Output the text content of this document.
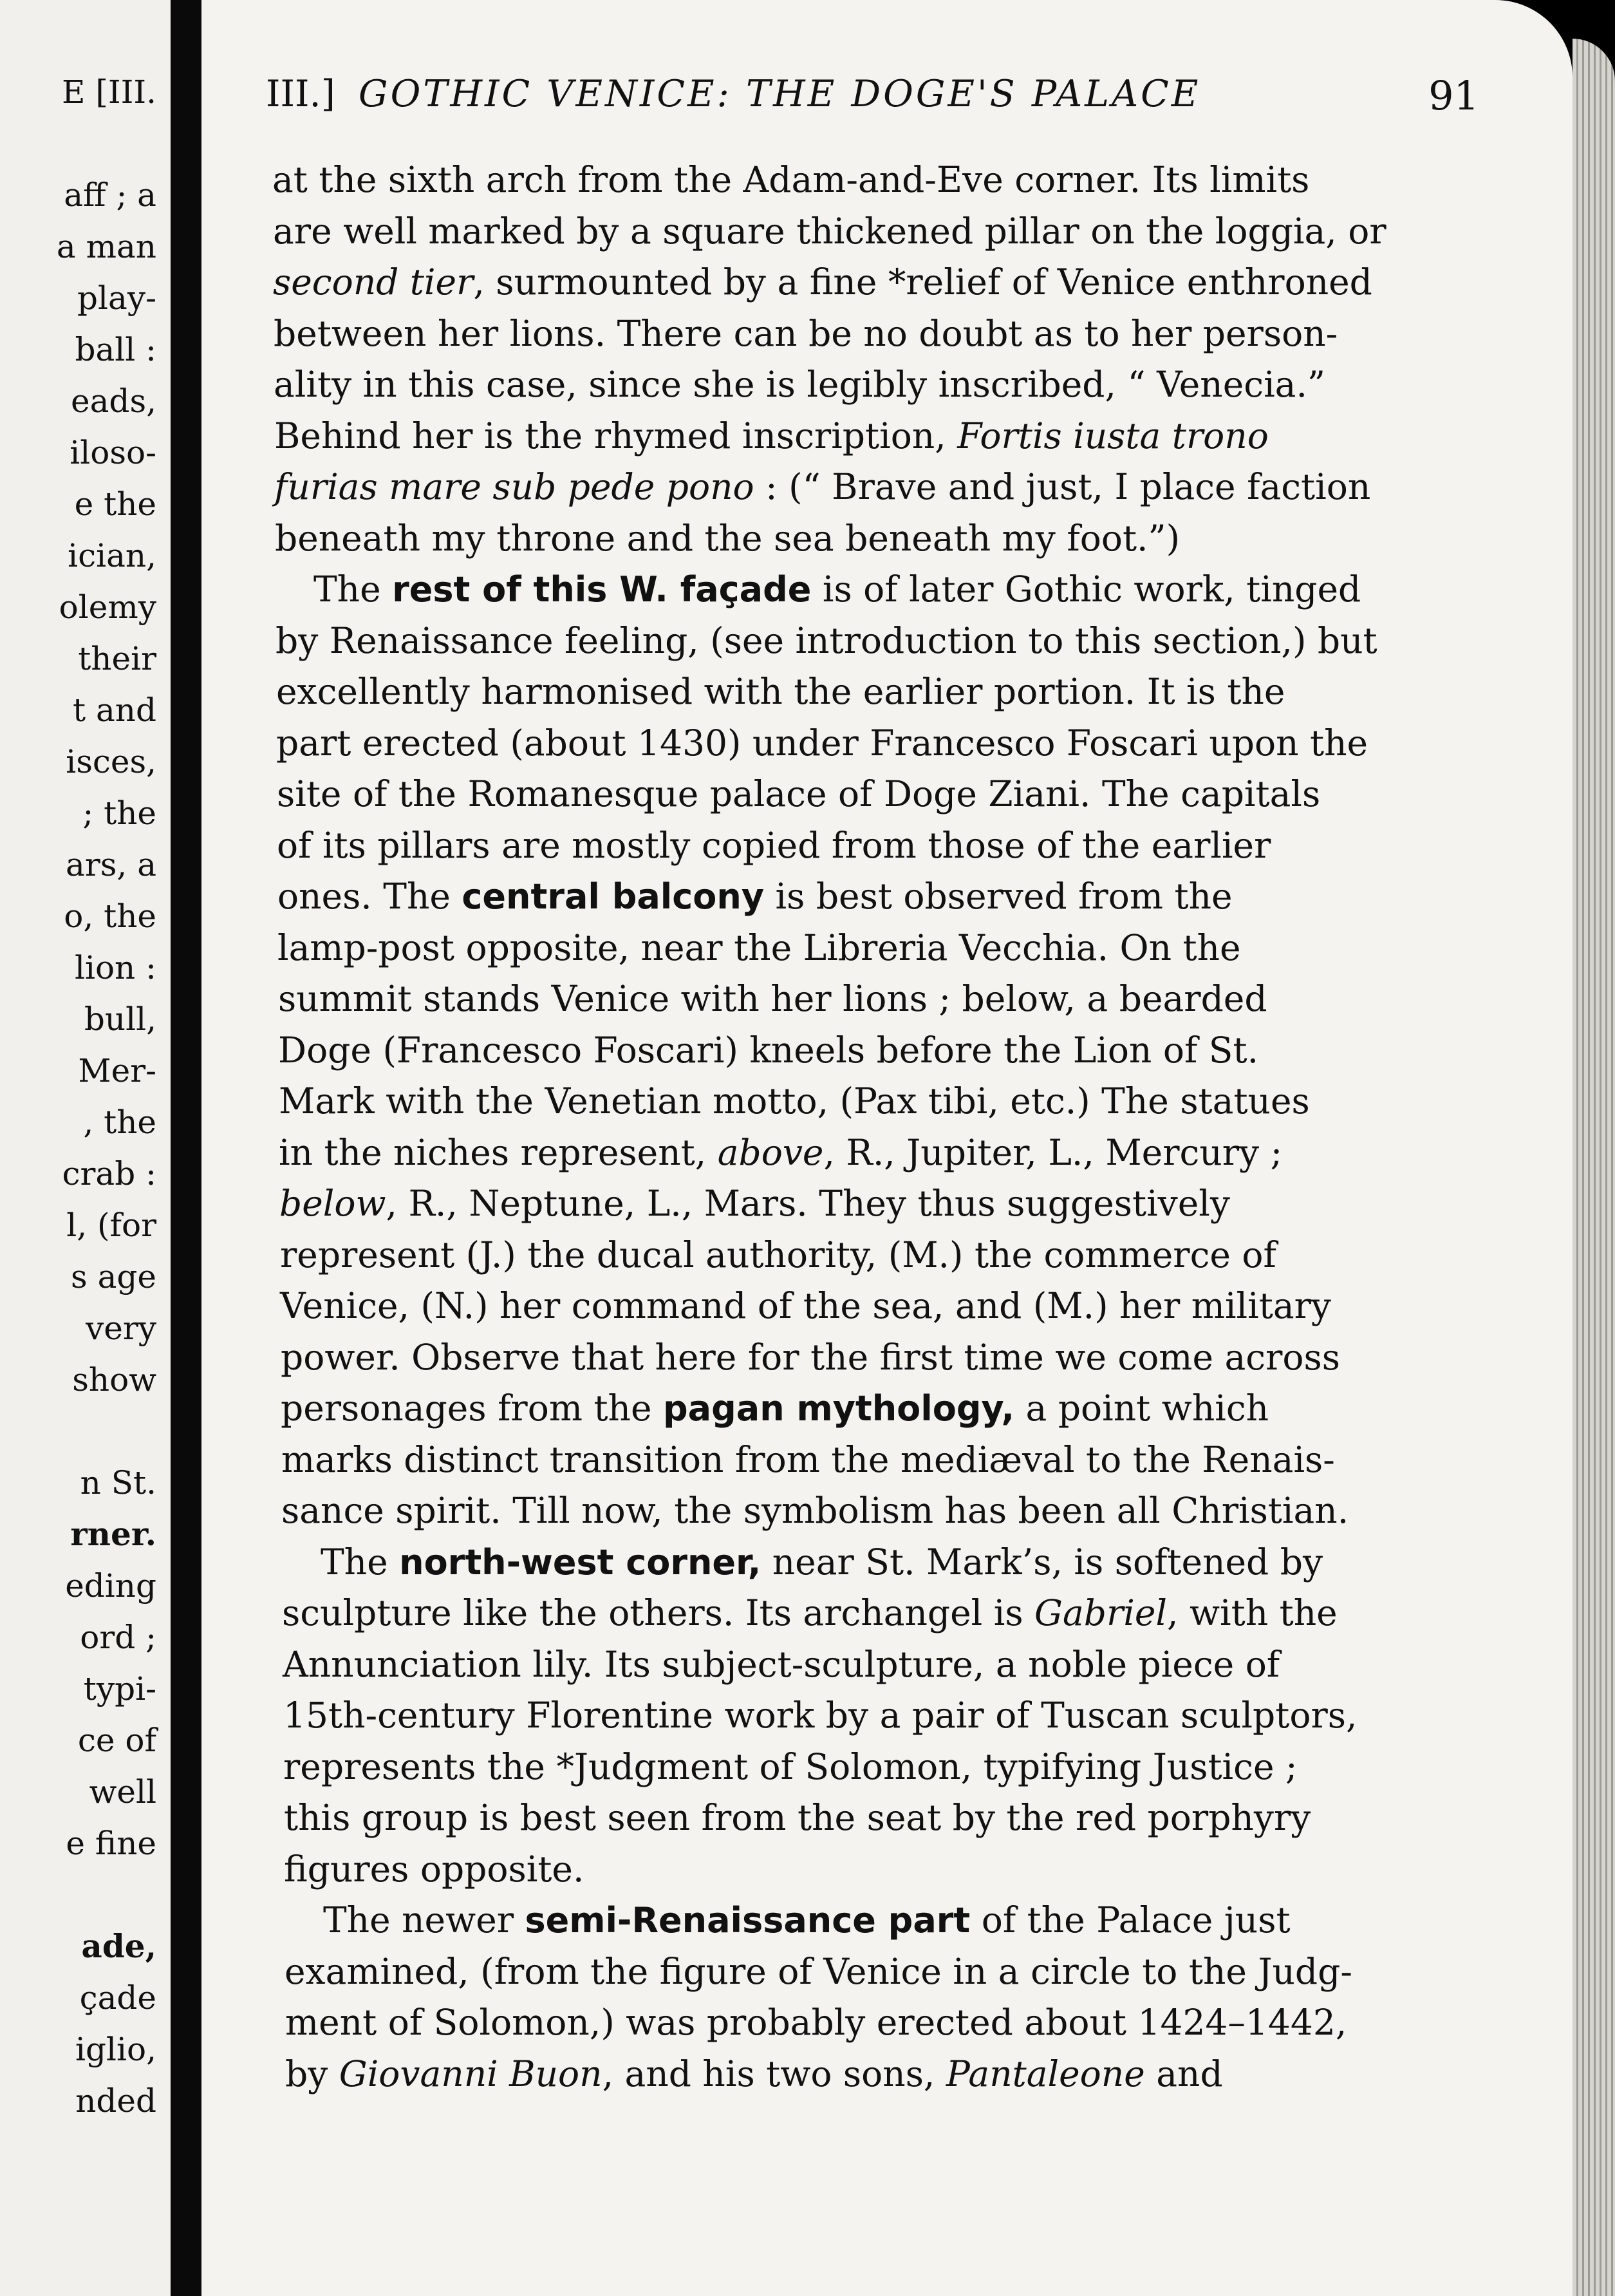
E [III.
aff ; a
a man
play-
ball :
eads,
iloso-
e the
ician,
olemy
their
t and
isces,
; the
ars, a
o, the
lion :
bull,
Mer-
, the
crab :
l, (for
s age
very
show
n St.
rner.
eding
ord ;
typi-
ce of
well
e fine
ade,
çade
iglio,
nded
III.] GOTHIC VENICE: THE DOGE'S PALACE	91
at the sixth arch from the Adam-and-Eve corner. Its limits
are well marked by a square thickened pillar on the loggia, or
second tier, surmounted by a fine *relief of Venice enthroned
between her lions. There can be no doubt as to her person-
ality in this case, since she is legibly inscribed, “ Venecia.”
Behind her is the rhymed inscription, Fortis iusta trono
furias mare sub pede pono : (“ Brave and just, I place faction
beneath my throne and the sea beneath my foot.”)
The rest of this W. façade is of later Gothic work, tinged
by Renaissance feeling, (see introduction to this section,) but
excellently harmonised with the earlier portion. It is the
part erected (about 1430) under Francesco Foscari upon the
site of the Romanesque palace of Doge Ziani. The capitals
of its pillars are mostly copied from those of the earlier
ones. The central balcony is best observed from the
lamp-post opposite, near the Libreria Vecchia. On the
summit stands Venice with her lions ; below, a bearded
Doge (Francesco Foscari) kneels before the Lion of St.
Mark with the Venetian motto, (Pax tibi, etc.) The statues
in the niches represent, above, R., Jupiter, L., Mercury ;
below, R., Neptune, L., Mars. They thus suggestively
represent (J.) the ducal authority, (M.) the commerce of
Venice, (N.) her command of the sea, and (M.) her military
power. Observe that here for the first time we come across
personages from the pagan mythology, a point which
marks distinct transition from the mediæval to the Renais-
sance spirit. Till now, the symbolism has been all Christian.
The north-west corner, near St. Mark’s, is softened by
sculpture like the others. Its archangel is Gabriel, with the
Annunciation lily. Its subject-sculpture, a noble piece of
15th-century Florentine work by a pair of Tuscan sculptors,
represents the *Judgment of Solomon, typifying Justice ;
this group is best seen from the seat by the red porphyry
figures opposite.
The newer semi-Renaissance part of the Palace just
examined, (from the figure of Venice in a circle to the Judg-
ment of Solomon,) was probably erected about 1424–1442,
by Giovanni Buon, and his two sons, Pantaleone and
